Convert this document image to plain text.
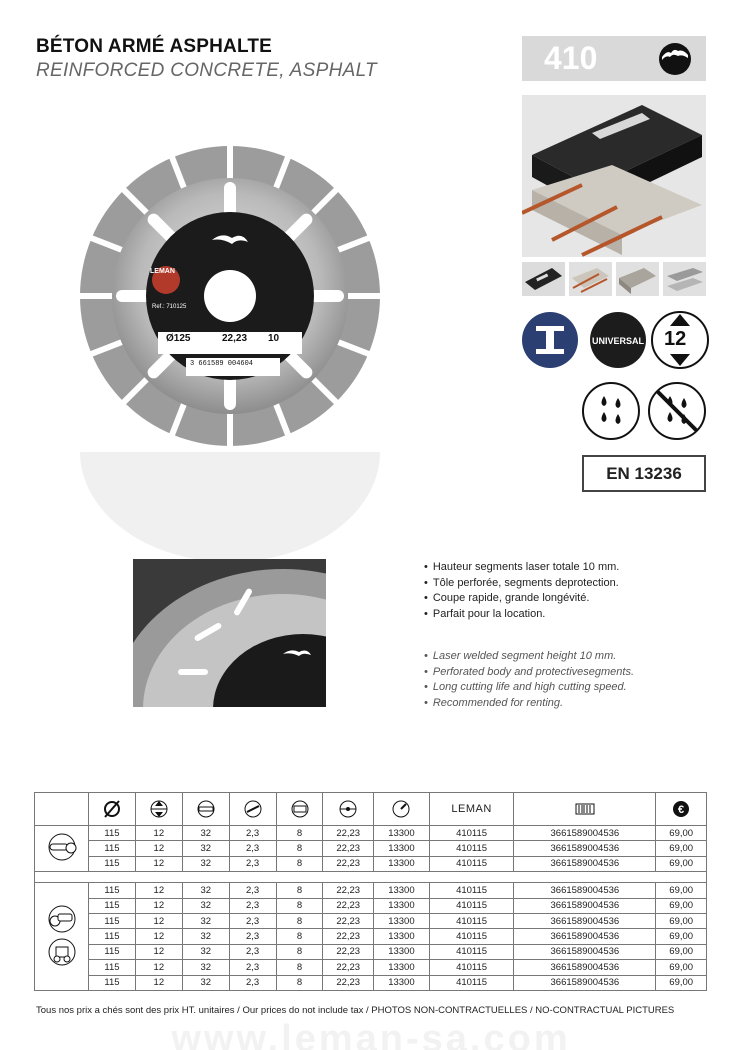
BÉTON ARMÉ ASPHALTE
REINFORCED CONCRETE, ASPHALT	410
UNIVERSAL 12
EN 13236
LEMAN
Ref.: 710125
Ø125	22,23 10
3 661589 004604
• Hauteur segments laser totale 10 mm.
• Tôle perforée, segments deprotection.
• Coupe rapide, grande longévité.
• Parfait pour la location.
• Laser welded segment height 10 mm.
• Perforated body and protectivesegments.
• Long cutting life and high cutting speed.
• Recommended for renting.
								LEMAN		€

	115	12	32	2,3	8	22,23	13300	410115	3661589004536	69,00
	115	12	32	2,3	8	22,23	13300	410115	3661589004536	69,00
	115	12	32	2,3	8	22,23	13300	410115	3661589004536	69,00

	115	12	32	2,3	8	22,23	13300	410115	3661589004536	69,00
	115	12	32	2,3	8	22,23	13300	410115	3661589004536	69,00
	115	12	32	2,3	8	22,23	13300	410115	3661589004536	69,00
	115	12	32	2,3	8	22,23	13300	410115	3661589004536	69,00
	115	12	32	2,3	8	22,23	13300	410115	3661589004536	69,00
	115	12	32	2,3	8	22,23	13300	410115	3661589004536	69,00
	115	12	32	2,3	8	22,23	13300	410115	3661589004536	69,00
Tous nos prix a chés sont des prix HT. unitaires / Our prices do not include tax / PHOTOS NON-CONTRACTUELLES / NO-CONTRACTUAL PICTURES
www.leman-sa.com
